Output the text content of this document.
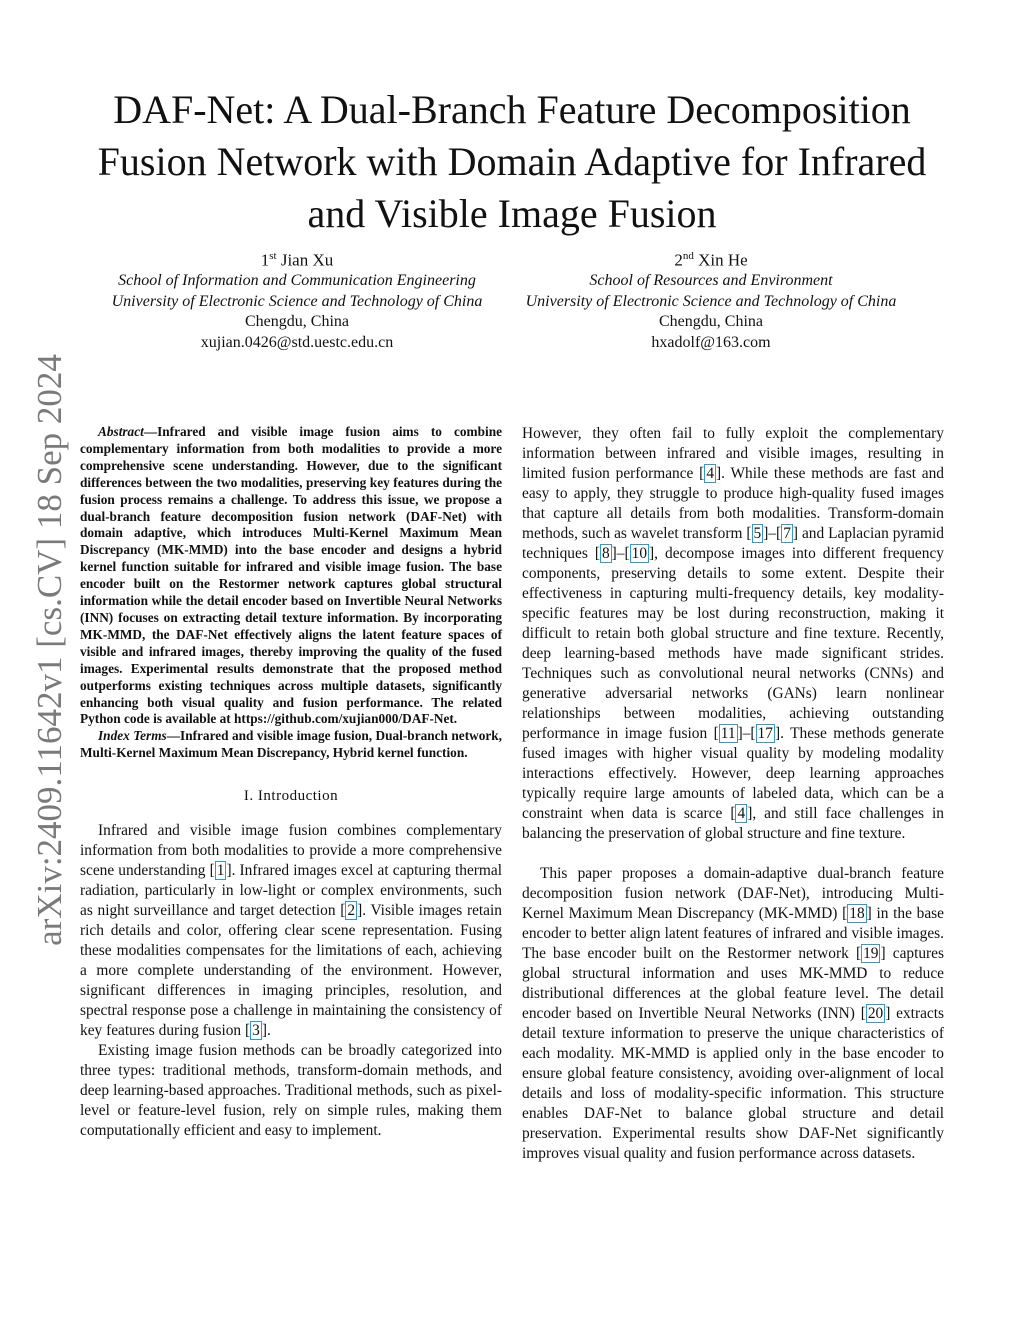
arXiv:2409.11642v1 [cs.CV] 18 Sep 2024
DAF-Net: A Dual-Branch Feature Decomposition Fusion Network with Domain Adaptive for Infrared and Visible Image Fusion
1st Jian Xu
School of Information and Communication Engineering
University of Electronic Science and Technology of China
Chengdu, China
xujian.0426@std.uestc.edu.cn
2nd Xin He
School of Resources and Environment
University of Electronic Science and Technology of China
Chengdu, China
hxadolf@163.com

Abstract—Infrared and visible image fusion aims to combine complementary information from both modalities to provide a more comprehensive scene understanding. However, due to the significant differences between the two modalities, preserving key features during the fusion process remains a challenge. To address this issue, we propose a dual-branch feature decomposition fusion network (DAF-Net) with domain adaptive, which introduces Multi-Kernel Maximum Mean Discrepancy (MK-MMD) into the base encoder and designs a hybrid kernel function suitable for infrared and visible image fusion. The base encoder built on the Restormer network captures global structural information while the detail encoder based on Invertible Neural Networks (INN) focuses on extracting detail texture information. By incorporating MK-MMD, the DAF-Net effectively aligns the latent feature spaces of visible and infrared images, thereby improving the quality of the fused images. Experimental results demonstrate that the proposed method outperforms existing techniques across multiple datasets, significantly enhancing both visual quality and fusion performance. The related Python code is available at https://github.com/xujian000/DAF-Net.

Index Terms—Infrared and visible image fusion, Dual-branch network, Multi-Kernel Maximum Mean Discrepancy, Hybrid kernel function.

I. Introduction

Infrared and visible image fusion combines complementary information from both modalities to provide a more comprehensive scene understanding [ 1 ]. Infrared images excel at capturing thermal radiation, particularly in low-light or complex environments, such as night surveillance and target detection [ 2 ]. Visible images retain rich details and color, offering clear scene representation. Fusing these modalities compensates for the limitations of each, achieving a more complete understanding of the environment. However, significant differences in imaging principles, resolution, and spectral response pose a challenge in maintaining the consistency of key features during fusion [ 3 ].

Existing image fusion methods can be broadly categorized into three types: traditional methods, transform-domain methods, and deep learning-based approaches. Traditional methods, such as pixel-level or feature-level fusion, rely on simple rules, making them computationally efficient and easy to implement.

However, they often fail to fully exploit the complementary information between infrared and visible images, resulting in limited fusion performance [ 4 ]. While these methods are fast and easy to apply, they struggle to produce high-quality fused images that capture all details from both modalities. Transform-domain methods, such as wavelet transform [ 5 ]–[ 7 ] and Laplacian pyramid techniques [ 8 ]–[ 10 ], decompose images into different frequency components, preserving details to some extent. Despite their effectiveness in capturing multi-frequency details, key modality-specific features may be lost during reconstruction, making it difficult to retain both global structure and fine texture. Recently, deep learning-based methods have made significant strides. Techniques such as convolutional neural networks (CNNs) and generative adversarial networks (GANs) learn nonlinear relationships between modalities, achieving outstanding performance in image fusion [ 11 ]–[ 17 ]. These methods generate fused images with higher visual quality by modeling modality interactions effectively. However, deep learning approaches typically require large amounts of labeled data, which can be a constraint when data is scarce [ 4 ], and still face challenges in balancing the preservation of global structure and fine texture.

This paper proposes a domain-adaptive dual-branch feature decomposition fusion network (DAF-Net), introducing Multi-Kernel Maximum Mean Discrepancy (MK-MMD) [ 18 ] in the base encoder to better align latent features of infrared and visible images. The base encoder built on the Restormer network [ 19 ] captures global structural information and uses MK-MMD to reduce distributional differences at the global feature level. The detail encoder based on Invertible Neural Networks (INN) [ 20 ] extracts detail texture information to preserve the unique characteristics of each modality. MK-MMD is applied only in the base encoder to ensure global feature consistency, avoiding over-alignment of local details and loss of modality-specific information. This structure enables DAF-Net to balance global structure and detail preservation. Experimental results show DAF-Net significantly improves visual quality and fusion performance across datasets.
